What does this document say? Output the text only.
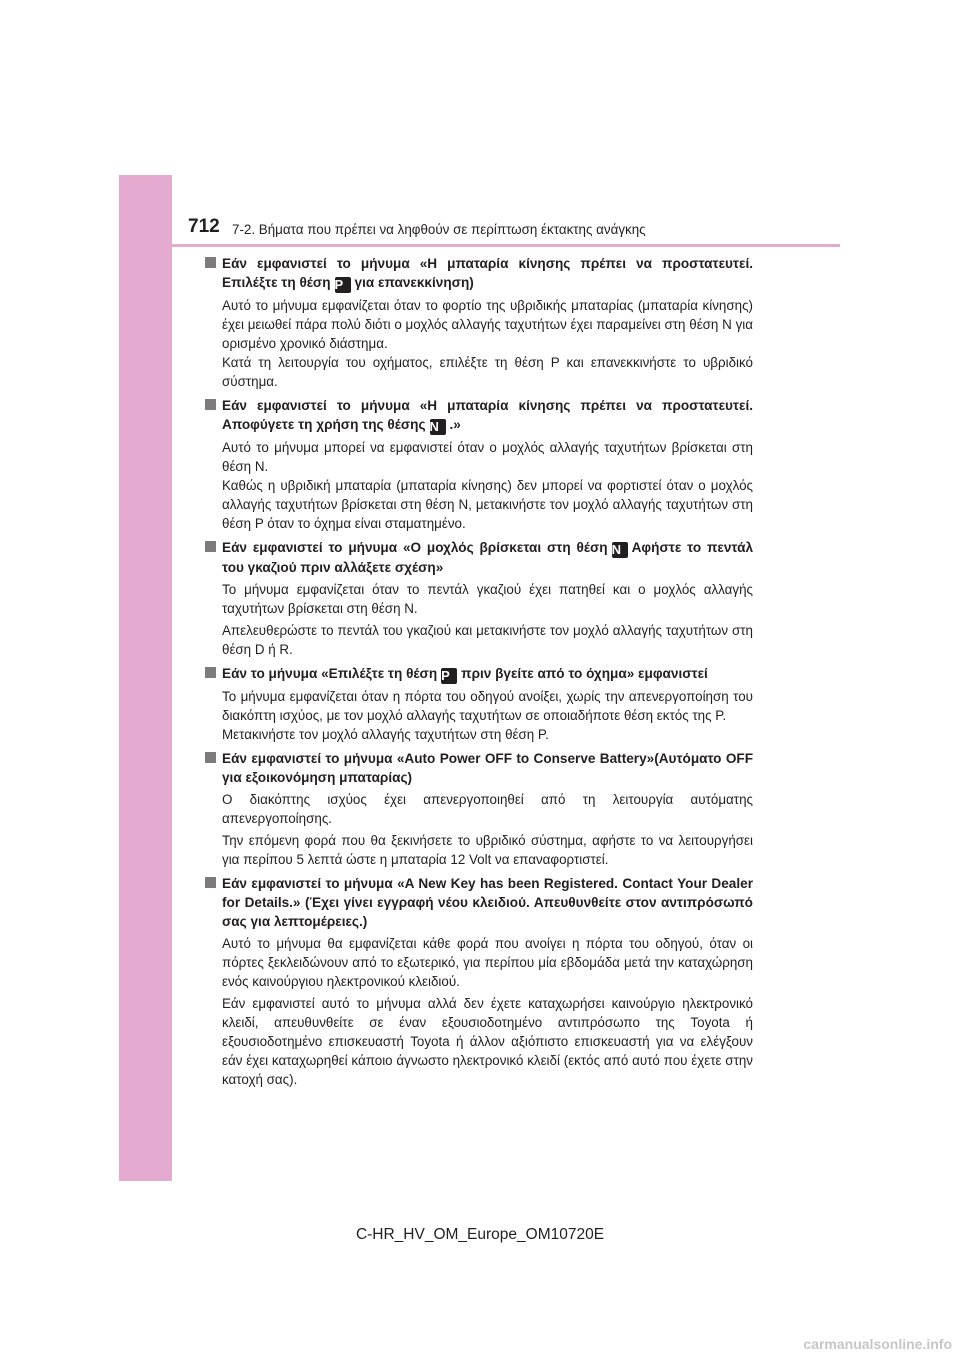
712 7-2. Βήματα που πρέπει να ληφθούν σε περίπτωση έκτακτης ανάγκης
Εάν εμφανιστεί το μήνυμα «Η μπαταρία κίνησης πρέπει να προστατευτεί. Επιλέξτε τη θέση P για επανεκκίνηση)
Αυτό το μήνυμα εμφανίζεται όταν το φορτίο της υβριδικής μπαταρίας (μπαταρία κίνησης) έχει μειωθεί πάρα πολύ διότι ο μοχλός αλλαγής ταχυτήτων έχει παραμείνει στη θέση N για ορισμένο χρονικό διάστημα.
Κατά τη λειτουργία του οχήματος, επιλέξτε τη θέση P και επανεκκινήστε το υβριδικό σύστημα.
Εάν εμφανιστεί το μήνυμα «Η μπαταρία κίνησης πρέπει να προστατευτεί. Αποφύγετε τη χρήση της θέσης N .»
Αυτό το μήνυμα μπορεί να εμφανιστεί όταν ο μοχλός αλλαγής ταχυτήτων βρίσκεται στη θέση N.
Καθώς η υβριδική μπαταρία (μπαταρία κίνησης) δεν μπορεί να φορτιστεί όταν ο μοχλός αλλαγής ταχυτήτων βρίσκεται στη θέση N, μετακινήστε τον μοχλό αλλαγής ταχυτήτων στη θέση P όταν το όχημα είναι σταματημένο.
Εάν εμφανιστεί το μήνυμα «Ο μοχλός βρίσκεται στη θέση N Αφήστε το πεντάλ του γκαζιού πριν αλλάξετε σχέση»
Το μήνυμα εμφανίζεται όταν το πεντάλ γκαζιού έχει πατηθεί και ο μοχλός αλλαγής ταχυτήτων βρίσκεται στη θέση N.
Απελευθερώστε το πεντάλ του γκαζιού και μετακινήστε τον μοχλό αλλαγής ταχυτήτων στη θέση D ή R.
Εάν το μήνυμα «Επιλέξτε τη θέση P πριν βγείτε από το όχημα» εμφανιστεί
Το μήνυμα εμφανίζεται όταν η πόρτα του οδηγού ανοίξει, χωρίς την απενεργοποίηση του διακόπτη ισχύος, με τον μοχλό αλλαγής ταχυτήτων σε οποιαδήποτε θέση εκτός της P.
Μετακινήστε τον μοχλό αλλαγής ταχυτήτων στη θέση P.
Εάν εμφανιστεί το μήνυμα «Auto Power OFF to Conserve Battery»(Αυτόματο OFF για εξοικονόμηση μπαταρίας)
Ο διακόπτης ισχύος έχει απενεργοποιηθεί από τη λειτουργία αυτόματης απενεργοποίησης.
Την επόμενη φορά που θα ξεκινήσετε το υβριδικό σύστημα, αφήστε το να λειτουργήσει για περίπου 5 λεπτά ώστε η μπαταρία 12 Volt να επαναφορτιστεί.
Εάν εμφανιστεί το μήνυμα «A New Key has been Registered. Contact Your Dealer for Details.» (Έχει γίνει εγγραφή νέου κλειδιού. Απευθυνθείτε στον αντιπρόσωπό σας για λεπτομέρειες.)
Αυτό το μήνυμα θα εμφανίζεται κάθε φορά που ανοίγει η πόρτα του οδηγού, όταν οι πόρτες ξεκλειδώνουν από το εξωτερικό, για περίπου μία εβδομάδα μετά την καταχώρηση ενός καινούργιου ηλεκτρονικού κλειδιού.
Εάν εμφανιστεί αυτό το μήνυμα αλλά δεν έχετε καταχωρήσει καινούργιο ηλεκτρονικό κλειδί, απευθυνθείτε σε έναν εξουσιοδοτημένο αντιπρόσωπο της Toyota ή εξουσιοδοτημένο επισκευαστή Toyota ή άλλον αξιόπιστο επισκευαστή για να ελέγξουν εάν έχει καταχωρηθεί κάποιο άγνωστο ηλεκτρονικό κλειδί (εκτός από αυτό που έχετε στην κατοχή σας).
C-HR_HV_OM_Europe_OM10720E
carmanualsonline.info
